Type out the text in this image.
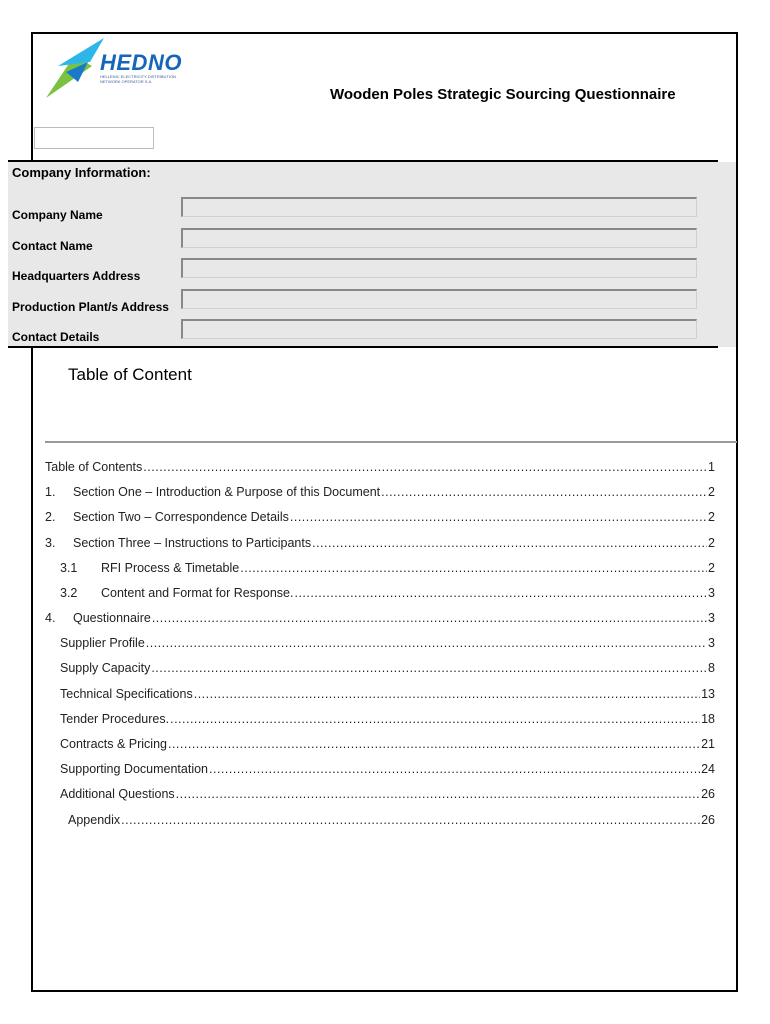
HEDNO
HELLENIC ELECTRICITY DISTRIBUTION NETWORK OPERATOR S.A.
Wooden Poles Strategic Sourcing Questionnaire
Company Information:
Company Name
Contact Name
Headquarters Address
Production Plant/s Address
Contact Details
Table of Content
Table of Contents .....	1
1.	Section One – Introduction & Purpose of this Document .....	2
2.	Section Two – Correspondence Details .....	2
3.	Section Three – Instructions to Participants .....	2
3.1	RFI Process & Timetable .....	2
3.2	Content and Format for Response. .....	3
4.	Questionnaire .....	3
Supplier Profile .....	3
Supply Capacity .....	8
Technical Specifications .....	13
Tender Procedures. .....	18
Contracts & Pricing .....	21
Supporting Documentation .....	24
Additional Questions .....	26
Appendix .....	26
